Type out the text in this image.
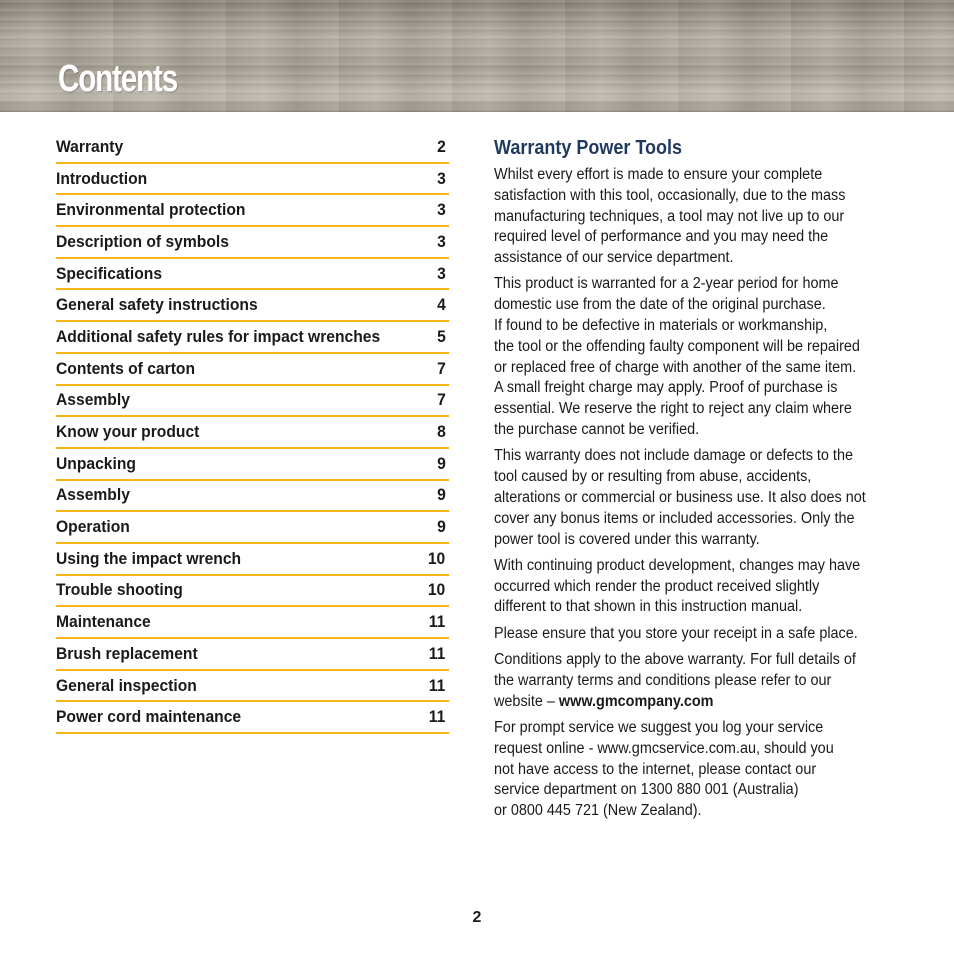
Contents
Warranty	2
Introduction	3
Environmental protection	3
Description of symbols	3
Specifications	3
General safety instructions	4
Additional safety rules for impact wrenches	5
Contents of carton	7
Assembly	7
Know your product	8
Unpacking	9
Assembly	9
Operation	9
Using the impact wrench	10
Trouble shooting	10
Maintenance	11
Brush replacement	11
General inspection	11
Power cord maintenance	11
Warranty Power Tools

Whilst every effort is made to ensure your complete
satisfaction with this tool, occasionally, due to the mass
manufacturing techniques, a tool may not live up to our
required level of performance and you may need the
assistance of our service department.

This product is warranted for a 2-year period for home
domestic use from the date of the original purchase.
If found to be defective in materials or workmanship,
the tool or the offending faulty component will be repaired
or replaced free of charge with another of the same item.
A small freight charge may apply. Proof of purchase is
essential. We reserve the right to reject any claim where
the purchase cannot be verified.

This warranty does not include damage or defects to the
tool caused by or resulting from abuse, accidents,
alterations or commercial or business use. It also does not
cover any bonus items or included accessories. Only the
power tool is covered under this warranty.

With continuing product development, changes may have
occurred which render the product received slightly
different to that shown in this instruction manual.

Please ensure that you store your receipt in a safe place.

Conditions apply to the above warranty. For full details of
the warranty terms and conditions please refer to our
website – www.gmcompany.com

For prompt service we suggest you log your service
request online - www.gmcservice.com.au, should you
not have access to the internet, please contact our
service department on 1300 880 001 (Australia)
or 0800 445 721 (New Zealand).

2
